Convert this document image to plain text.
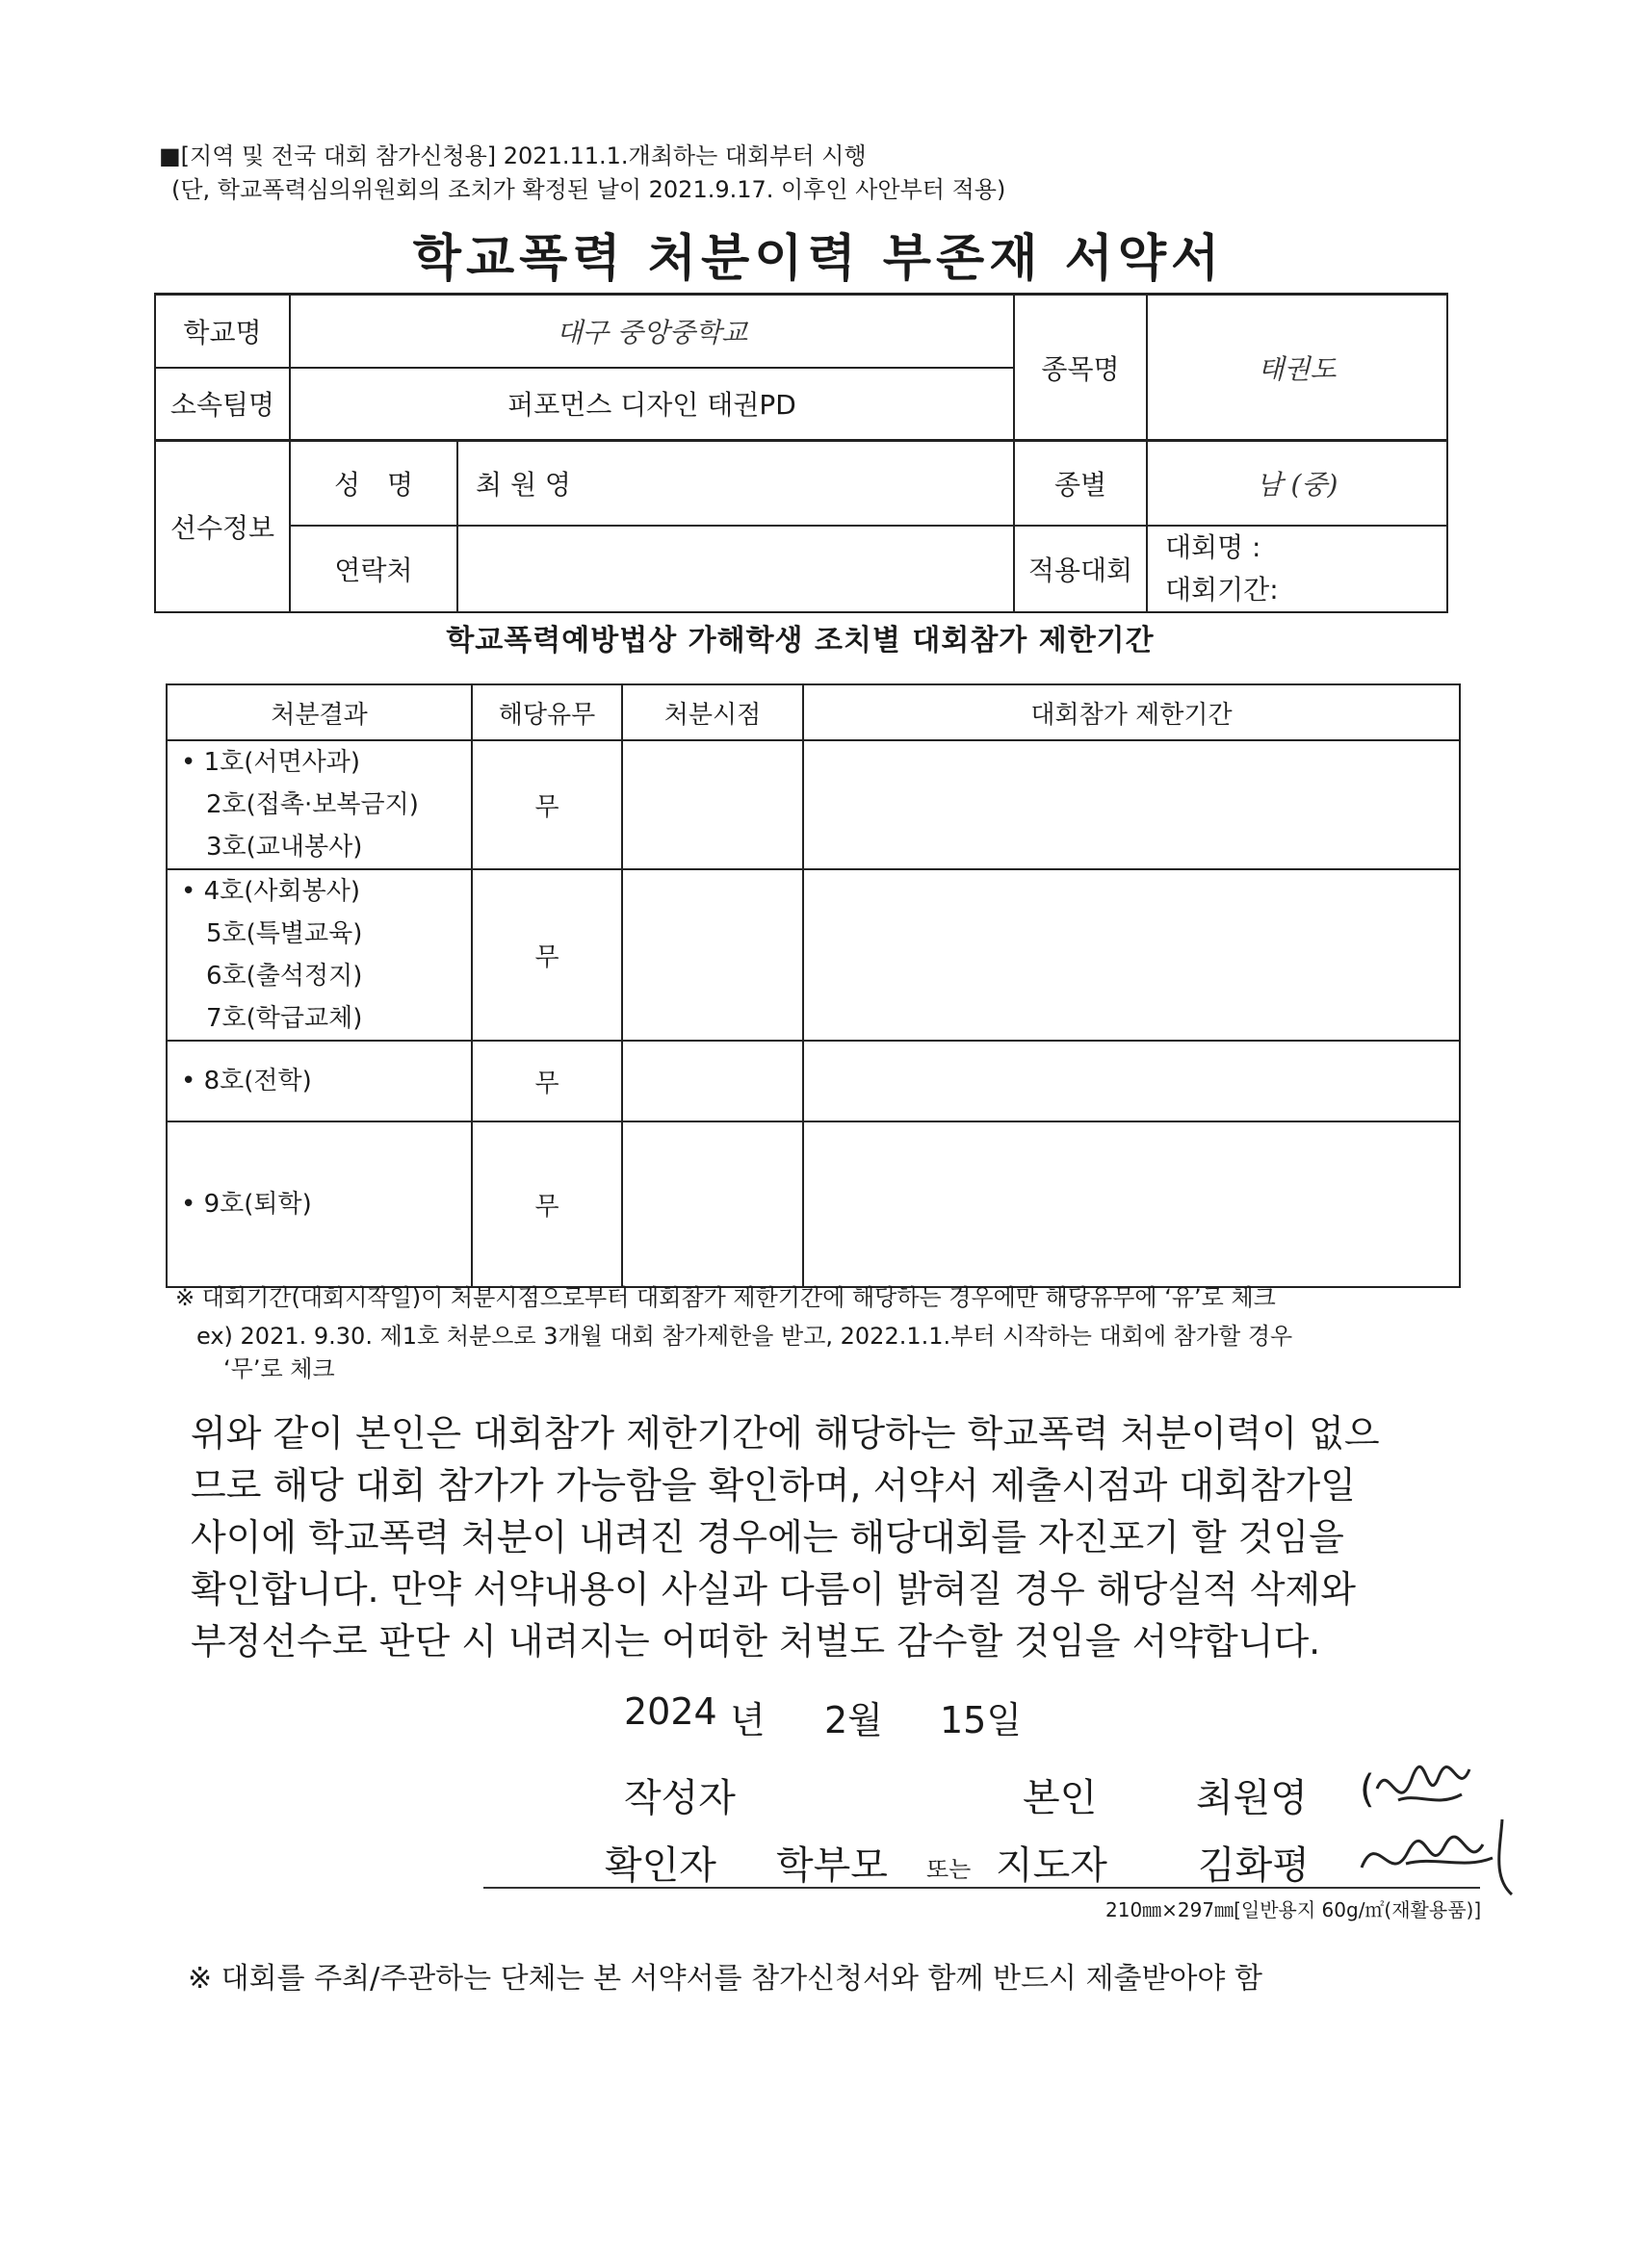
■[지역 및 전국 대회 참가신청용] 2021.11.1.개최하는 대회부터 시행
(단, 학교폭력심의위원회의 조치가 확정된 날이 2021.9.17. 이후인 사안부터 적용)
학교폭력 처분이력 부존재 서약서
학교명	대구 중앙중학교		종목명	태권도
소속팀명	퍼포먼스 디자인 태권PD			
선수정보	성　명	최 원 영	종별	남 (중)
	연락처		적용대회	대회명 :
대회기간:
학교폭력예방법상 가해학생 조치별 대회참가 제한기간
처분결과	해당유무	처분시점	대회참가 제한기간

• 1호(서면사과)
2호(접촉·보복금지)
3호(교내봉사)	무		

• 4호(사회봉사)
5호(특별교육)
6호(출석정지)
7호(학급교체)	무		

• 8호(전학)	무		

• 9호(퇴학)	무		
※ 대회기간(대회시작일)이 처분시점으로부터 대회참가 제한기간에 해당하는 경우에만 해당유무에 ‘유’로 체크
ex) 2021. 9.30. 제1호 처분으로 3개월 대회 참가제한을 받고, 2022.1.1.부터 시작하는 대회에 참가할 경우
‘무’로 체크
위와 같이 본인은 대회참가 제한기간에 해당하는 학교폭력 처분이력이 없으
므로 해당 대회 참가가 가능함을 확인하며, 서약서 제출시점과 대회참가일
사이에 학교폭력 처분이 내려진 경우에는 해당대회를 자진포기 할 것임을
확인합니다. 만약 서약내용이 사실과 다름이 밝혀질 경우 해당실적 삭제와
부정선수로 판단 시 내려지는 어떠한 처벌도 감수할 것임을 서약합니다.
2024 년 2월 15일
작성자	본인	최원영 (
확인자 학부모 또는 지도자 김화평
210㎜×297㎜[일반용지 60g/㎡(재활용품)]
※ 대회를 주최/주관하는 단체는 본 서약서를 참가신청서와 함께 반드시 제출받아야 함
